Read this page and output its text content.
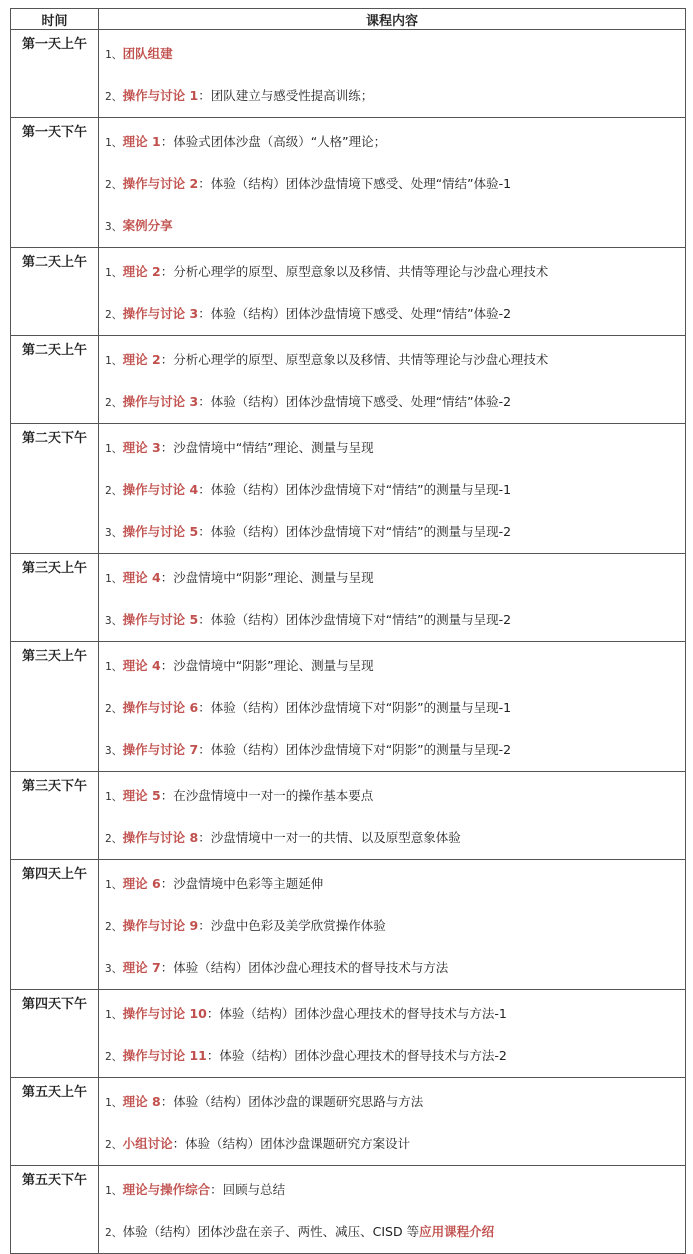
时间	课程内容
第一天上午	1、团队组建
2、操作与讨论 1：团队建立与感受性提高训练；

第一天下午	1、理论 1：体验式团体沙盘（高级）“人格”理论；
2、操作与讨论 2：体验（结构）团体沙盘情境下感受、处理“情结”体验-1
3、案例分享

第二天上午	1、理论 2：分析心理学的原型、原型意象以及移情、共情等理论与沙盘心理技术
2、操作与讨论 3：体验（结构）团体沙盘情境下感受、处理“情结”体验-2

第二天上午	1、理论 2：分析心理学的原型、原型意象以及移情、共情等理论与沙盘心理技术
2、操作与讨论 3：体验（结构）团体沙盘情境下感受、处理“情结”体验-2

第二天下午	1、理论 3：沙盘情境中“情结”理论、测量与呈现
2、操作与讨论 4：体验（结构）团体沙盘情境下对“情结”的测量与呈现-1
3、操作与讨论 5：体验（结构）团体沙盘情境下对“情结”的测量与呈现-2

第三天上午	1、理论 4：沙盘情境中“阴影”理论、测量与呈现
3、操作与讨论 5：体验（结构）团体沙盘情境下对“情结”的测量与呈现-2

第三天上午	1、理论 4：沙盘情境中“阴影”理论、测量与呈现
2、操作与讨论 6：体验（结构）团体沙盘情境下对“阴影”的测量与呈现-1
3、操作与讨论 7：体验（结构）团体沙盘情境下对“阴影”的测量与呈现-2

第三天下午	1、理论 5：在沙盘情境中一对一的操作基本要点
2、操作与讨论 8：沙盘情境中一对一的共情、以及原型意象体验

第四天上午	1、理论 6：沙盘情境中色彩等主题延伸
2、操作与讨论 9：沙盘中色彩及美学欣赏操作体验
3、理论 7：体验（结构）团体沙盘心理技术的督导技术与方法

第四天下午	1、操作与讨论 10：体验（结构）团体沙盘心理技术的督导技术与方法-1
2、操作与讨论 11：体验（结构）团体沙盘心理技术的督导技术与方法-2

第五天上午	1、理论 8：体验（结构）团体沙盘的课题研究思路与方法
2、小组讨论：体验（结构）团体沙盘课题研究方案设计

第五天下午	1、理论与操作综合：回顾与总结
2、体验（结构）团体沙盘在亲子、两性、减压、CISD 等应用课程介绍
